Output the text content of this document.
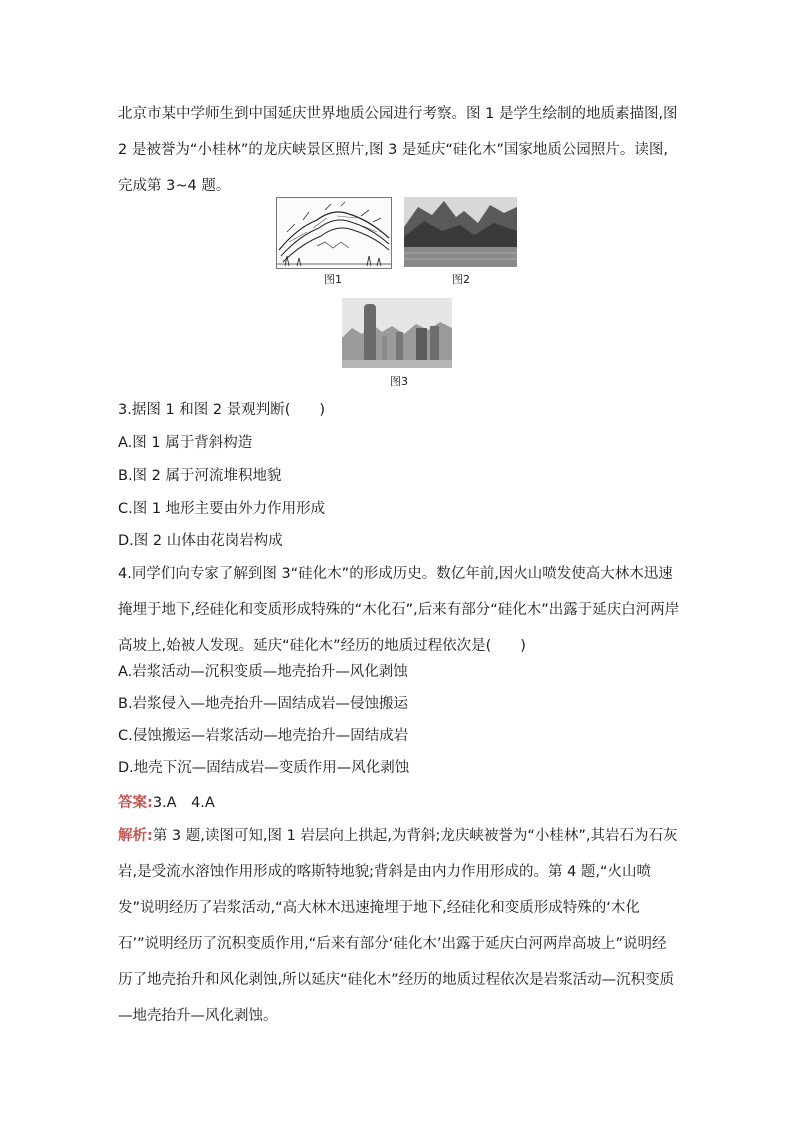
北京市某中学师生到中国延庆世界地质公园进行考察。图 1 是学生绘制的地质素描图,图 2 是被誉为“小桂林”的龙庆峡景区照片,图 3 是延庆“硅化木”国家地质公园照片。读图,完成第 3~4 题。
图1	图2
图3
3.据图 1 和图 2 景观判断(　　)
A.图 1 属于背斜构造
B.图 2 属于河流堆积地貌
C.图 1 地形主要由外力作用形成
D.图 2 山体由花岗岩构成
4.同学们向专家了解到图 3“硅化木”的形成历史。数亿年前,因火山喷发使高大林木迅速掩埋于地下,经硅化和变质形成特殊的“木化石”,后来有部分“硅化木”出露于延庆白河两岸高坡上,始被人发现。延庆“硅化木”经历的地质过程依次是(　　)
A.岩浆活动—沉积变质—地壳抬升—风化剥蚀
B.岩浆侵入—地壳抬升—固结成岩—侵蚀搬运
C.侵蚀搬运—岩浆活动—地壳抬升—固结成岩
D.地壳下沉—固结成岩—变质作用—风化剥蚀
答案:3.A　4.A
解析:第 3 题,读图可知,图 1 岩层向上拱起,为背斜;龙庆峡被誉为“小桂林”,其岩石为石灰岩,是受流水溶蚀作用形成的喀斯特地貌;背斜是由内力作用形成的。第 4 题,“火山喷发”说明经历了岩浆活动,“高大林木迅速掩埋于地下,经硅化和变质形成特殊的‘木化石’”说明经历了沉积变质作用,“后来有部分‘硅化木’出露于延庆白河两岸高坡上”说明经历了地壳抬升和风化剥蚀,所以延庆“硅化木”经历的地质过程依次是岩浆活动—沉积变质—地壳抬升—风化剥蚀。
